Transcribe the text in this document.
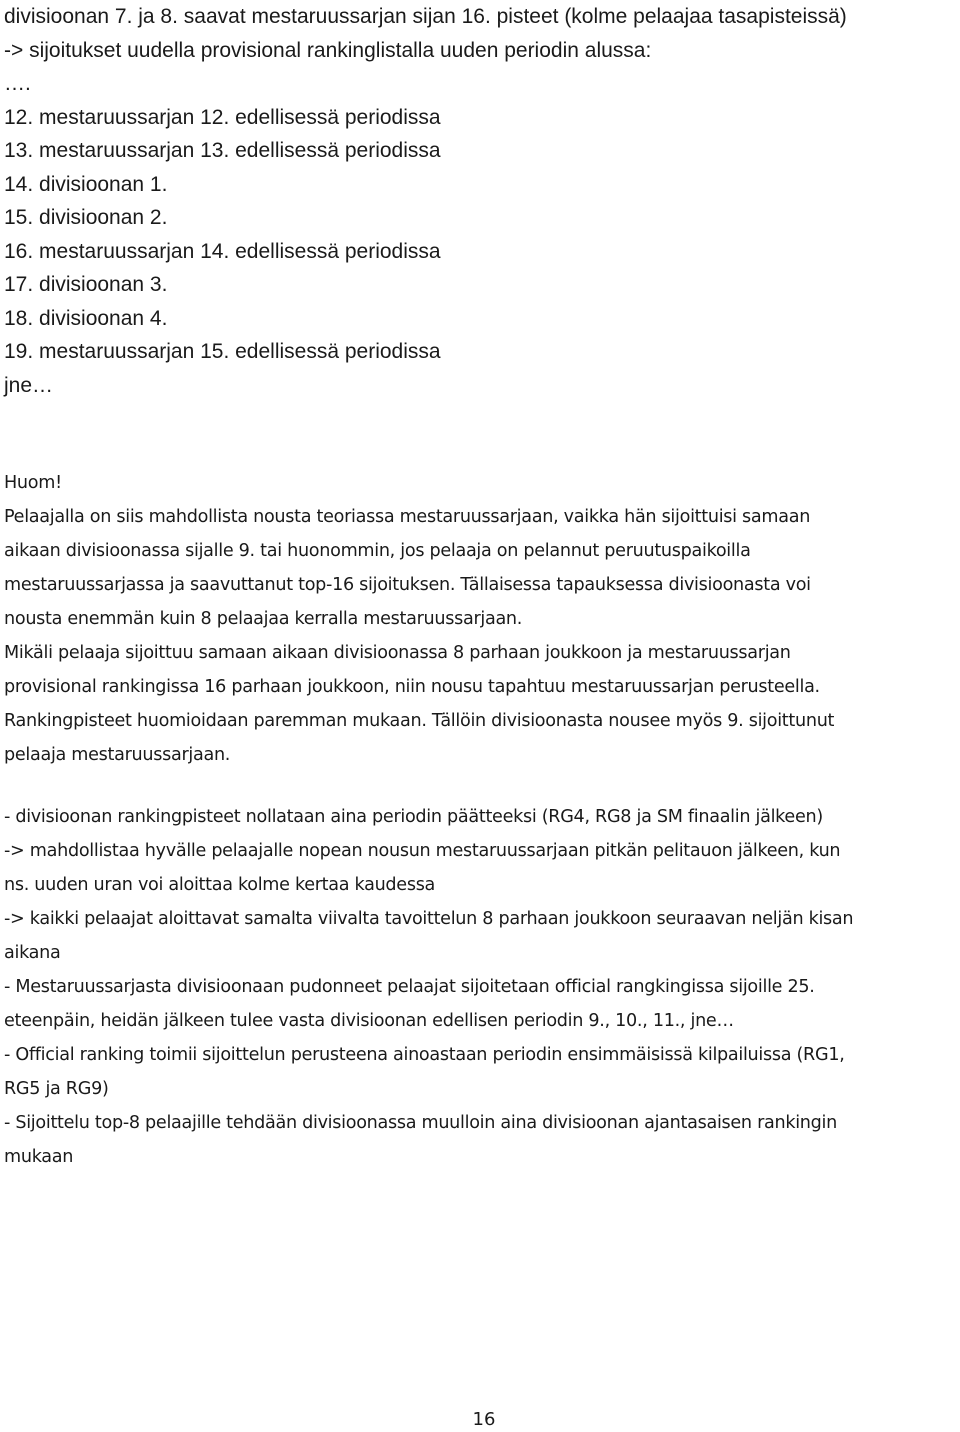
divisioonan 7. ja 8. saavat mestaruussarjan sijan 16. pisteet (kolme pelaajaa tasapisteissä)
-> sijoitukset uudella provisional rankinglistalla uuden periodin alussa:
….
12. mestaruussarjan 12. edellisessä periodissa
13. mestaruussarjan 13. edellisessä periodissa
14. divisioonan 1.
15. divisioonan 2.
16. mestaruussarjan 14. edellisessä periodissa
17. divisioonan 3.
18. divisioonan 4.
19. mestaruussarjan 15. edellisessä periodissa
jne…
Huom!
Pelaajalla on siis mahdollista nousta teoriassa mestaruussarjaan, vaikka hän sijoittuisi samaan
aikaan divisioonassa sijalle 9. tai huonommin, jos pelaaja on pelannut peruutuspaikoilla
mestaruussarjassa ja saavuttanut top-16 sijoituksen. Tällaisessa tapauksessa divisioonasta voi
nousta enemmän kuin 8 pelaajaa kerralla mestaruussarjaan.
Mikäli pelaaja sijoittuu samaan aikaan divisioonassa 8 parhaan joukkoon ja mestaruussarjan
provisional rankingissa 16 parhaan joukkoon, niin nousu tapahtuu mestaruussarjan perusteella.
Rankingpisteet huomioidaan paremman mukaan. Tällöin divisioonasta nousee myös 9. sijoittunut
pelaaja mestaruussarjaan.
- divisioonan rankingpisteet nollataan aina periodin päätteeksi (RG4, RG8 ja SM finaalin jälkeen)
-> mahdollistaa hyvälle pelaajalle nopean nousun mestaruussarjaan pitkän pelitauon jälkeen, kun
ns. uuden uran voi aloittaa kolme kertaa kaudessa
-> kaikki pelaajat aloittavat samalta viivalta tavoittelun 8 parhaan joukkoon seuraavan neljän kisan
aikana
- Mestaruussarjasta divisioonaan pudonneet pelaajat sijoitetaan official rangkingissa sijoille 25.
eteenpäin, heidän jälkeen tulee vasta divisioonan edellisen periodin 9., 10., 11., jne…
- Official ranking toimii sijoittelun perusteena ainoastaan periodin ensimmäisissä kilpailuissa (RG1,
RG5 ja RG9)
- Sijoittelu top-8 pelaajille tehdään divisioonassa muulloin aina divisioonan ajantasaisen rankingin
mukaan
16
